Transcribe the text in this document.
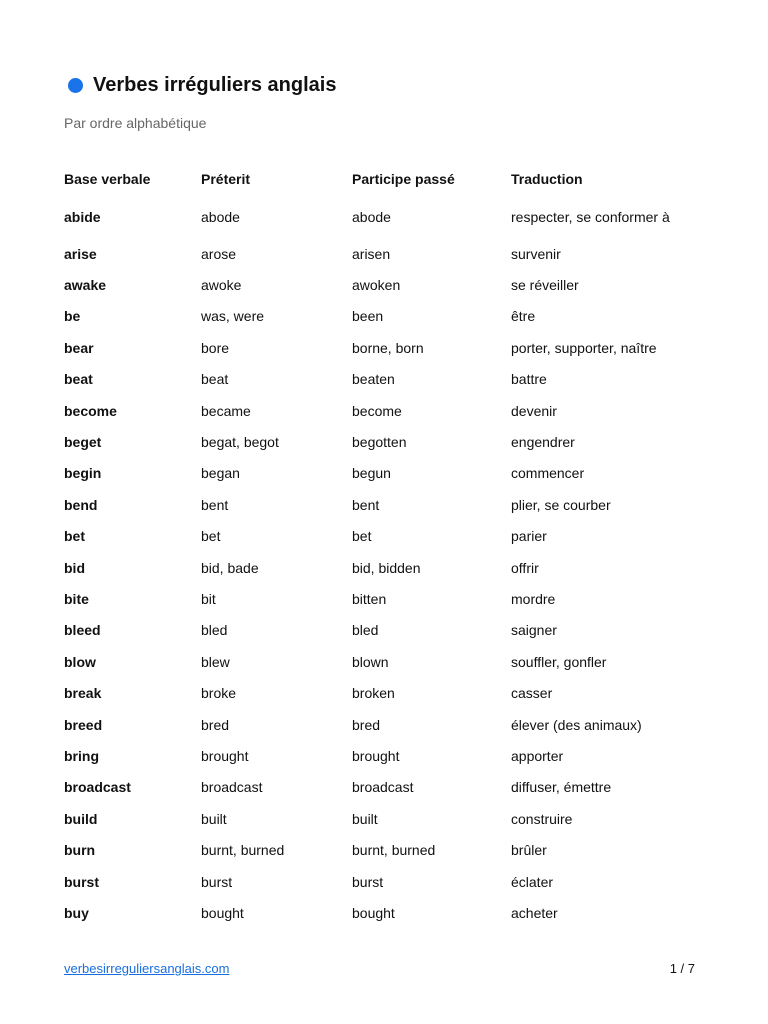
Verbes irréguliers anglais

Par ordre alphabétique

Base verbale	Préterit	Participe passé	Traduction
abide	abode	abode	respecter, se conformer à
arise	arose	arisen	survenir
awake	awoke	awoken	se réveiller
be	was, were	been	être
bear	bore	borne, born	porter, supporter, naître
beat	beat	beaten	battre
become	became	become	devenir
beget	begat, begot	begotten	engendrer
begin	began	begun	commencer
bend	bent	bent	plier, se courber
bet	bet	bet	parier
bid	bid, bade	bid, bidden	offrir
bite	bit	bitten	mordre
bleed	bled	bled	saigner
blow	blew	blown	souffler, gonfler
break	broke	broken	casser
breed	bred	bred	élever (des animaux)
bring	brought	brought	apporter
broadcast	broadcast	broadcast	diffuser, émettre
build	built	built	construire
burn	burnt, burned	burnt, burned	brûler
burst	burst	burst	éclater
buy	bought	bought	acheter
verbesirreguliersanglais.com	1 / 7
